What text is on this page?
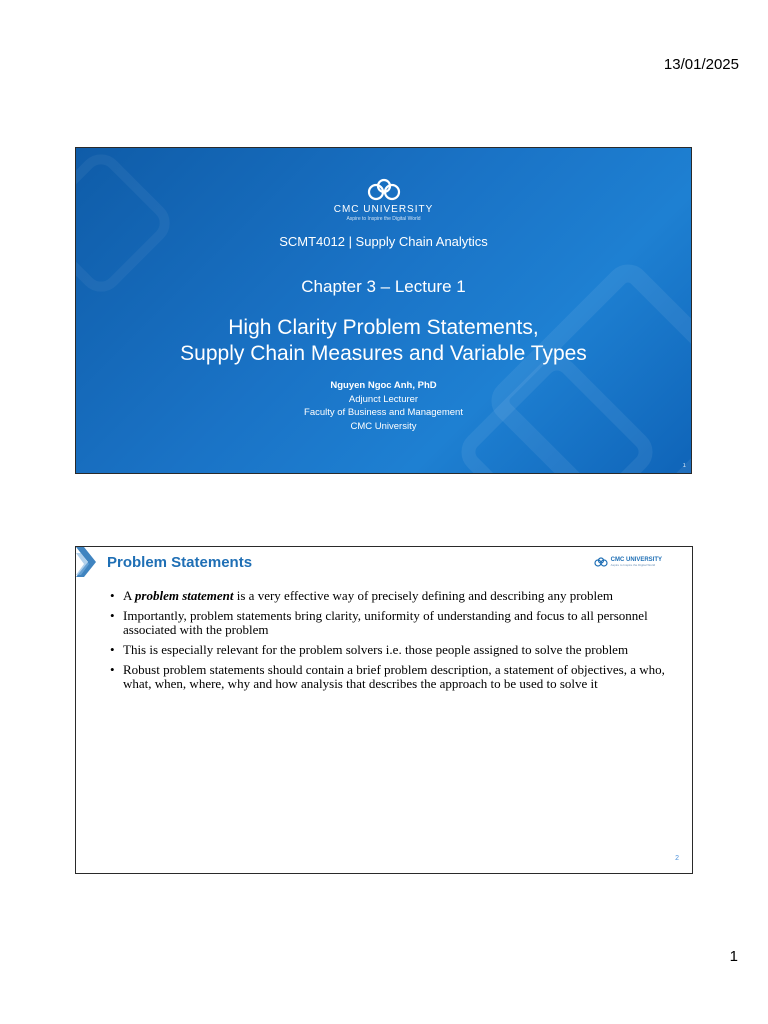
13/01/2025
CMC UNIVERSITY
Aspire to Inspire the Digital World
SCMT4012 | Supply Chain Analytics
Chapter 3 – Lecture 1
High Clarity Problem Statements,
Supply Chain Measures and Variable Types
Nguyen Ngoc Anh, PhD
Adjunct Lecturer
Faculty of Business and Management
CMC University
1
Problem Statements	CMC UNIVERSITY
Aspire to Inspire the Digital World
• A problem statement is a very effective way of precisely defining and describing any problem
• Importantly, problem statements bring clarity, uniformity of understanding and focus to all personnel associated with the problem
• This is especially relevant for the problem solvers i.e. those people assigned to solve the problem
• Robust problem statements should contain a brief problem description, a statement of objectives, a who, what, when, where, why and how analysis that describes the approach to be used to solve it
2
1
